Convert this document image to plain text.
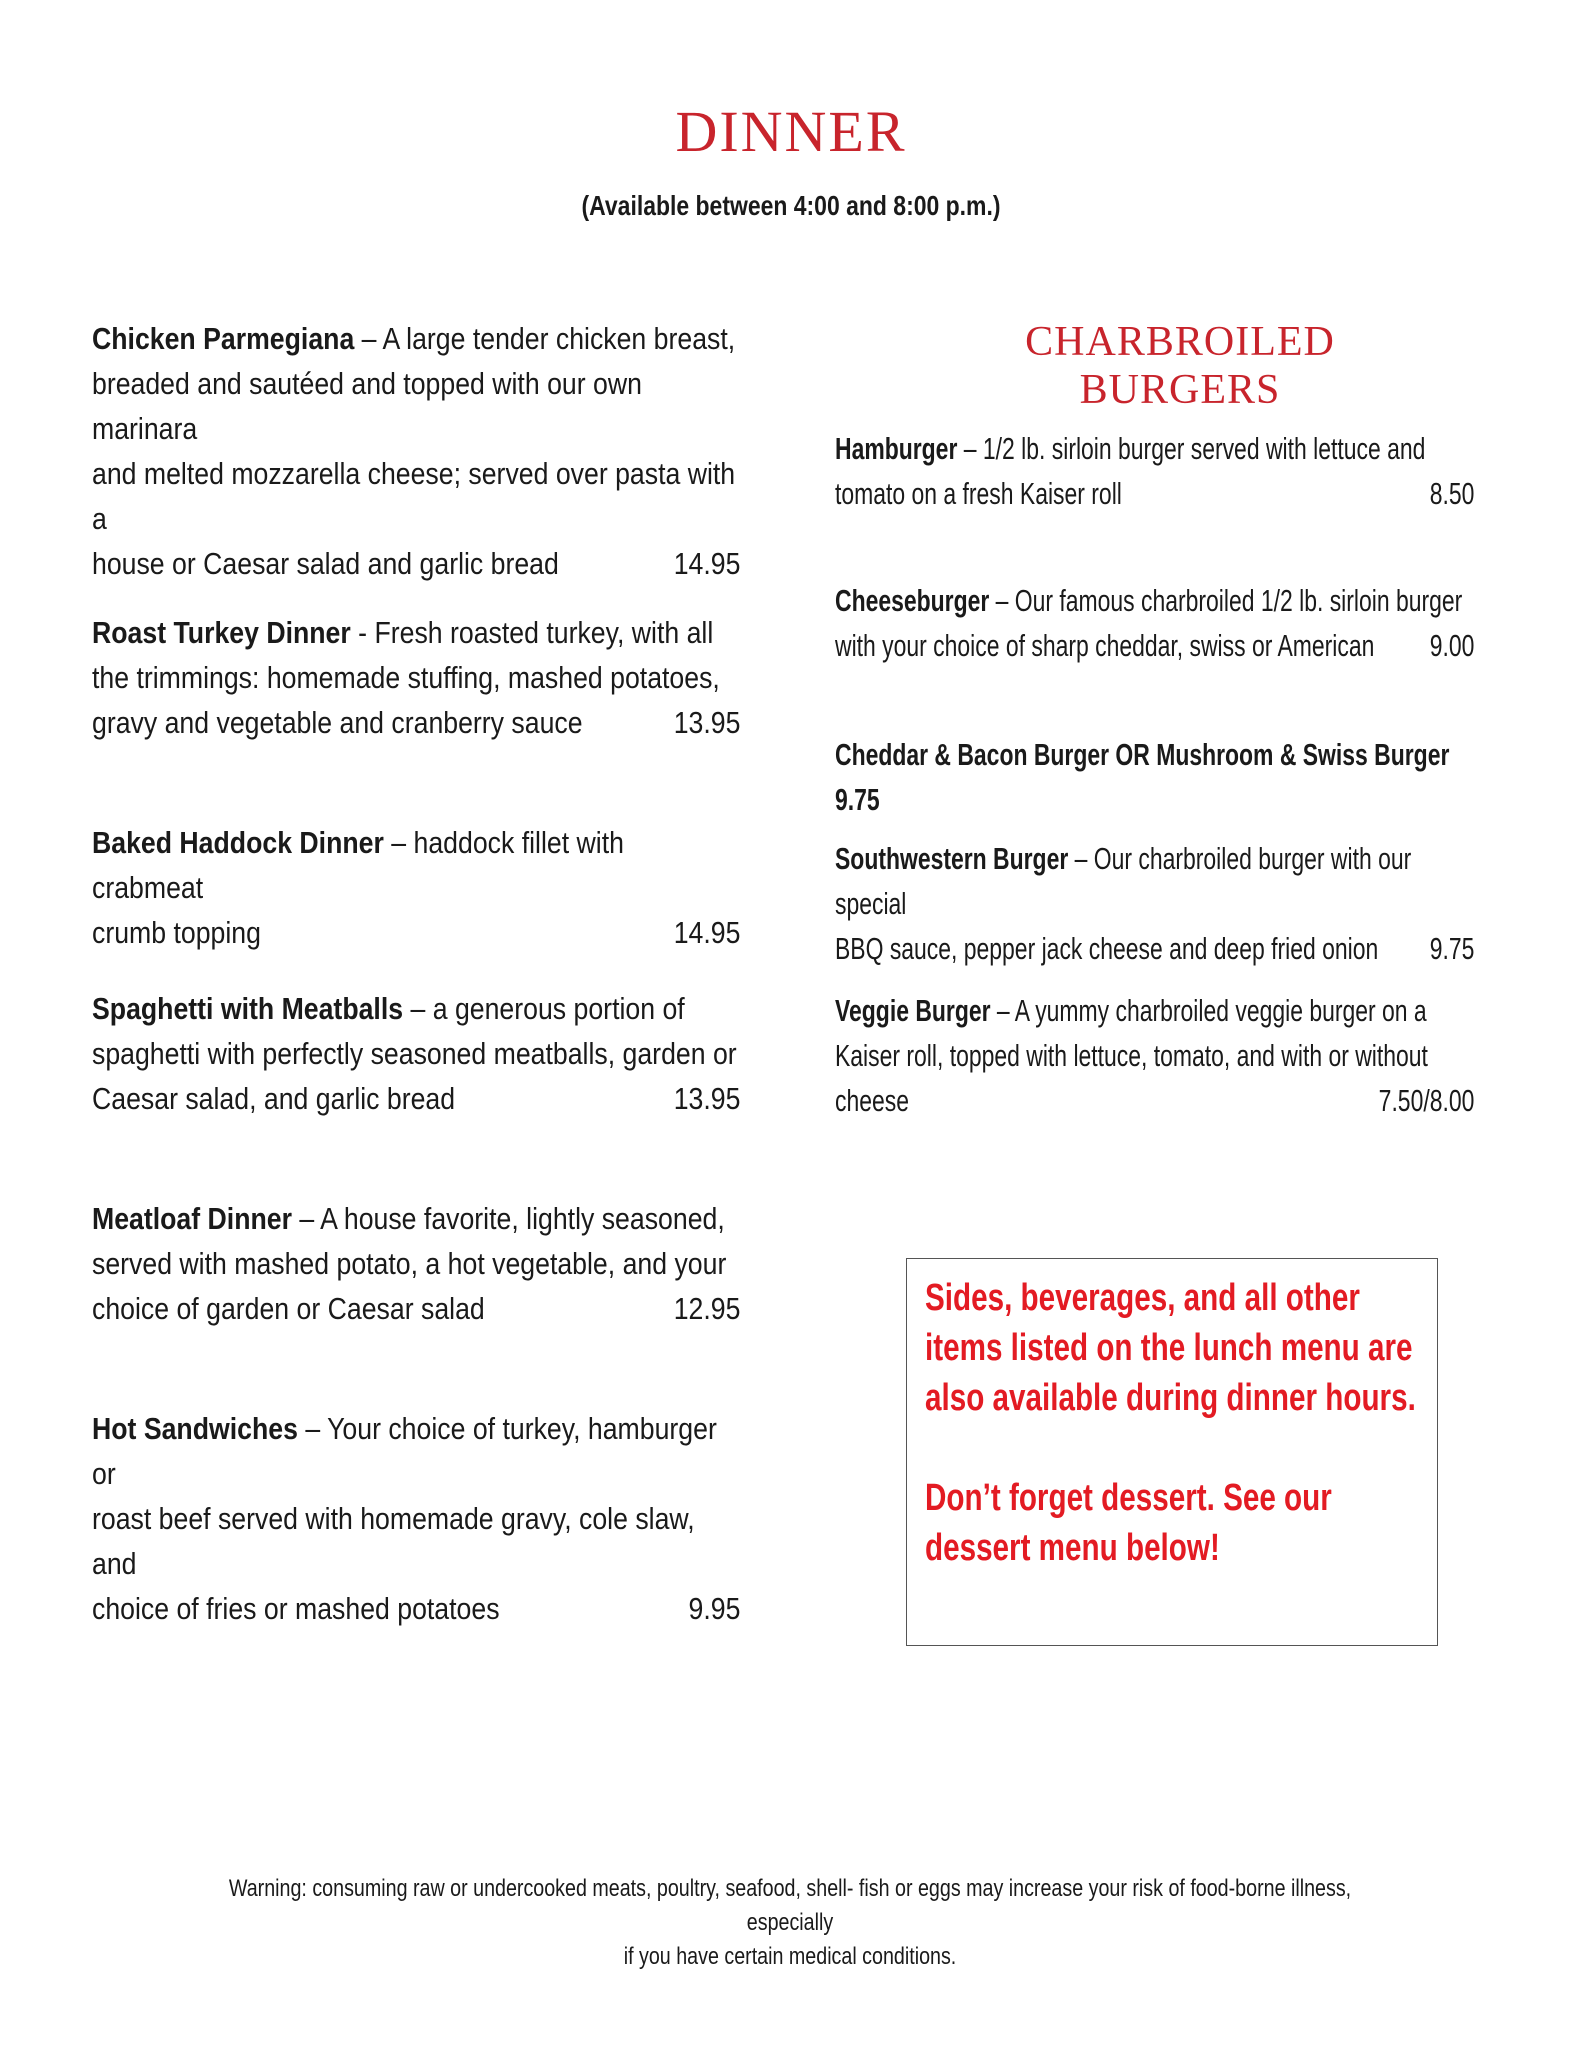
DINNER
(Available between 4:00 and 8:00 p.m.)
Chicken Parmegiana – A large tender chicken breast,
breaded and sautéed and topped with our own marinara
and melted mozzarella cheese; served over pasta with a
house or Caesar salad and garlic bread	14.95
Roast Turkey Dinner - Fresh roasted turkey, with all
the trimmings: homemade stuffing, mashed potatoes,
gravy and vegetable and cranberry sauce	13.95
Baked Haddock Dinner – haddock fillet with crabmeat
crumb topping	14.95
Spaghetti with Meatballs – a generous portion of
spaghetti with perfectly seasoned meatballs, garden or
Caesar salad, and garlic bread	13.95
Meatloaf Dinner – A house favorite, lightly seasoned,
served with mashed potato, a hot vegetable, and your
choice of garden or Caesar salad	12.95
Hot Sandwiches – Your choice of turkey, hamburger or
roast beef served with homemade gravy, cole slaw, and
choice of fries or mashed potatoes	9.95
CHARBROILED
BURGERS
Hamburger – 1/2 lb. sirloin burger served with lettuce and
tomato on a fresh Kaiser roll	8.50
Cheeseburger – Our famous charbroiled 1/2 lb. sirloin burger
with your choice of sharp cheddar, swiss or American 9.00
Cheddar & Bacon Burger OR Mushroom & Swiss Burger 9.75
Southwestern Burger – Our charbroiled burger with our special
BBQ sauce, pepper jack cheese and deep fried onion 9.75
Veggie Burger – A yummy charbroiled veggie burger on a
Kaiser roll, topped with lettuce, tomato, and with or without
cheese	7.50/8.00

Sides, beverages, and all other items listed on the lunch menu are also available during dinner hours.

Don’t forget dessert. See our dessert menu below!

Warning: consuming raw or undercooked meats, poultry, seafood, shell- fish or eggs may increase your risk of food-borne illness, especially
if you have certain medical conditions.
